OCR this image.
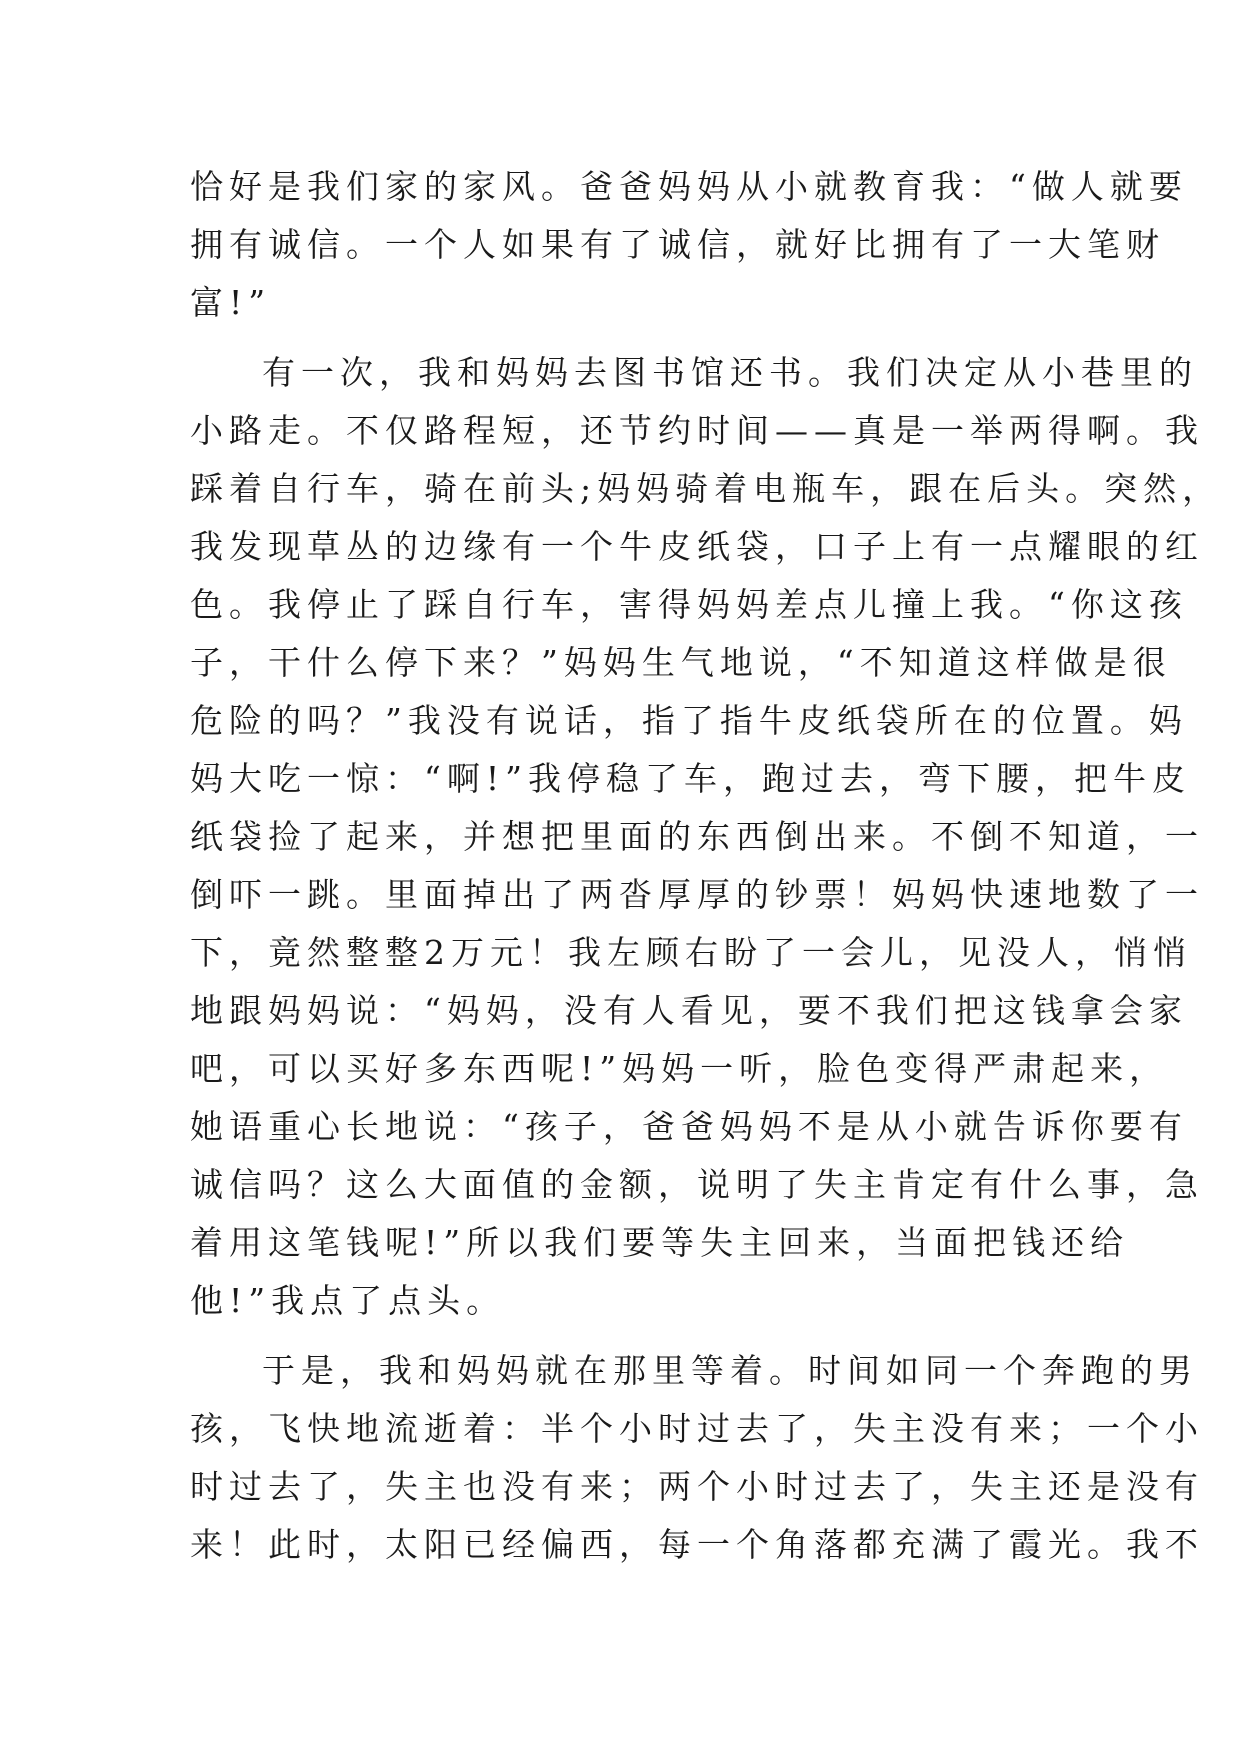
恰好是我们家的家风。爸爸妈妈从小就教育我：“做人就要
拥有诚信。一个人如果有了诚信，就好比拥有了一大笔财
富!”
有一次，我和妈妈去图书馆还书。我们决定从小巷里的
小路走。不仅路程短，还节约时间——真是一举两得啊。我
踩着自行车，骑在前头;妈妈骑着电瓶车，跟在后头。突然，
我发现草丛的边缘有一个牛皮纸袋，口子上有一点耀眼的红
色。我停止了踩自行车，害得妈妈差点儿撞上我。“你这孩
子，干什么停下来？”妈妈生气地说，“不知道这样做是很
危险的吗？”我没有说话，指了指牛皮纸袋所在的位置。妈
妈大吃一惊：“啊!”我停稳了车，跑过去，弯下腰，把牛皮
纸袋捡了起来，并想把里面的东西倒出来。不倒不知道，一
倒吓一跳。里面掉出了两沓厚厚的钞票！妈妈快速地数了一
下，竟然整整2万元！我左顾右盼了一会儿，见没人，悄悄
地跟妈妈说：“妈妈，没有人看见，要不我们把这钱拿会家
吧，可以买好多东西呢!”妈妈一听，脸色变得严肃起来，
她语重心长地说：“孩子，爸爸妈妈不是从小就告诉你要有
诚信吗？这么大面值的金额，说明了失主肯定有什么事，急
着用这笔钱呢!”所以我们要等失主回来，当面把钱还给
他!”我点了点头。
于是，我和妈妈就在那里等着。时间如同一个奔跑的男
孩，飞快地流逝着：半个小时过去了，失主没有来；一个小
时过去了，失主也没有来；两个小时过去了，失主还是没有
来！此时，太阳已经偏西，每一个角落都充满了霞光。我不
